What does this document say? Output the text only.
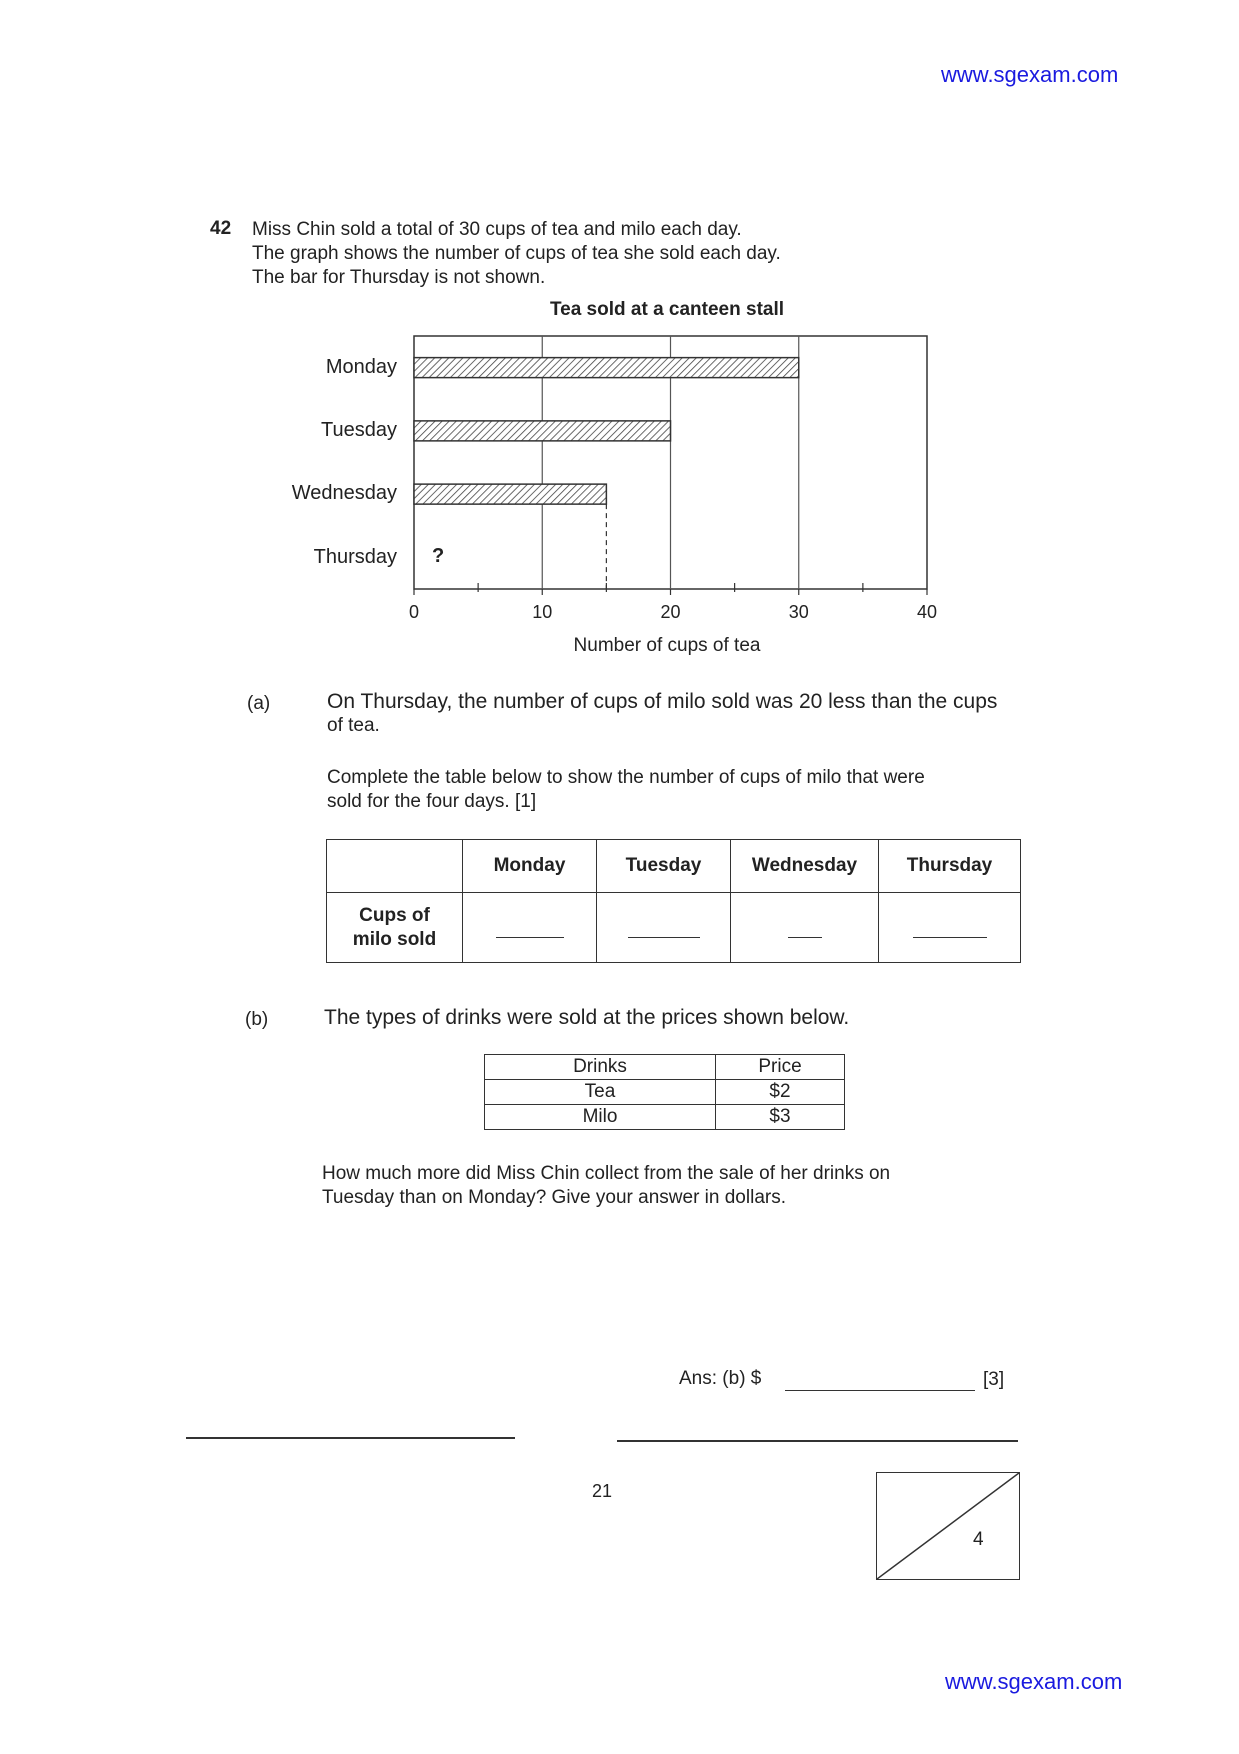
www.sgexam.com
42 Miss Chin sold a total of 30 cups of tea and milo each day.
The graph shows the number of cups of tea she sold each day.
The bar for Thursday is not shown.
Tea sold at a canteen stall
Monday
Tuesday
Wednesday
Thursday
0	10	20	30	40
?
Number of cups of tea
(a)	On Thursday, the number of cups of milo sold was 20 less than the cups
of tea.
Complete the table below to show the number of cups of milo that were
sold for the four days. [1]
	Monday	Tuesday	Wednesday	Thursday

Cups of
milo sold				

(b)	The types of drinks were sold at the prices shown below.
Drinks	Price
Tea	$2
Milo	$3
How much more did Miss Chin collect from the sale of her drinks on
Tuesday than on Monday? Give your answer in dollars.
Ans: (b) $	[3]
21
4
www.sgexam.com
